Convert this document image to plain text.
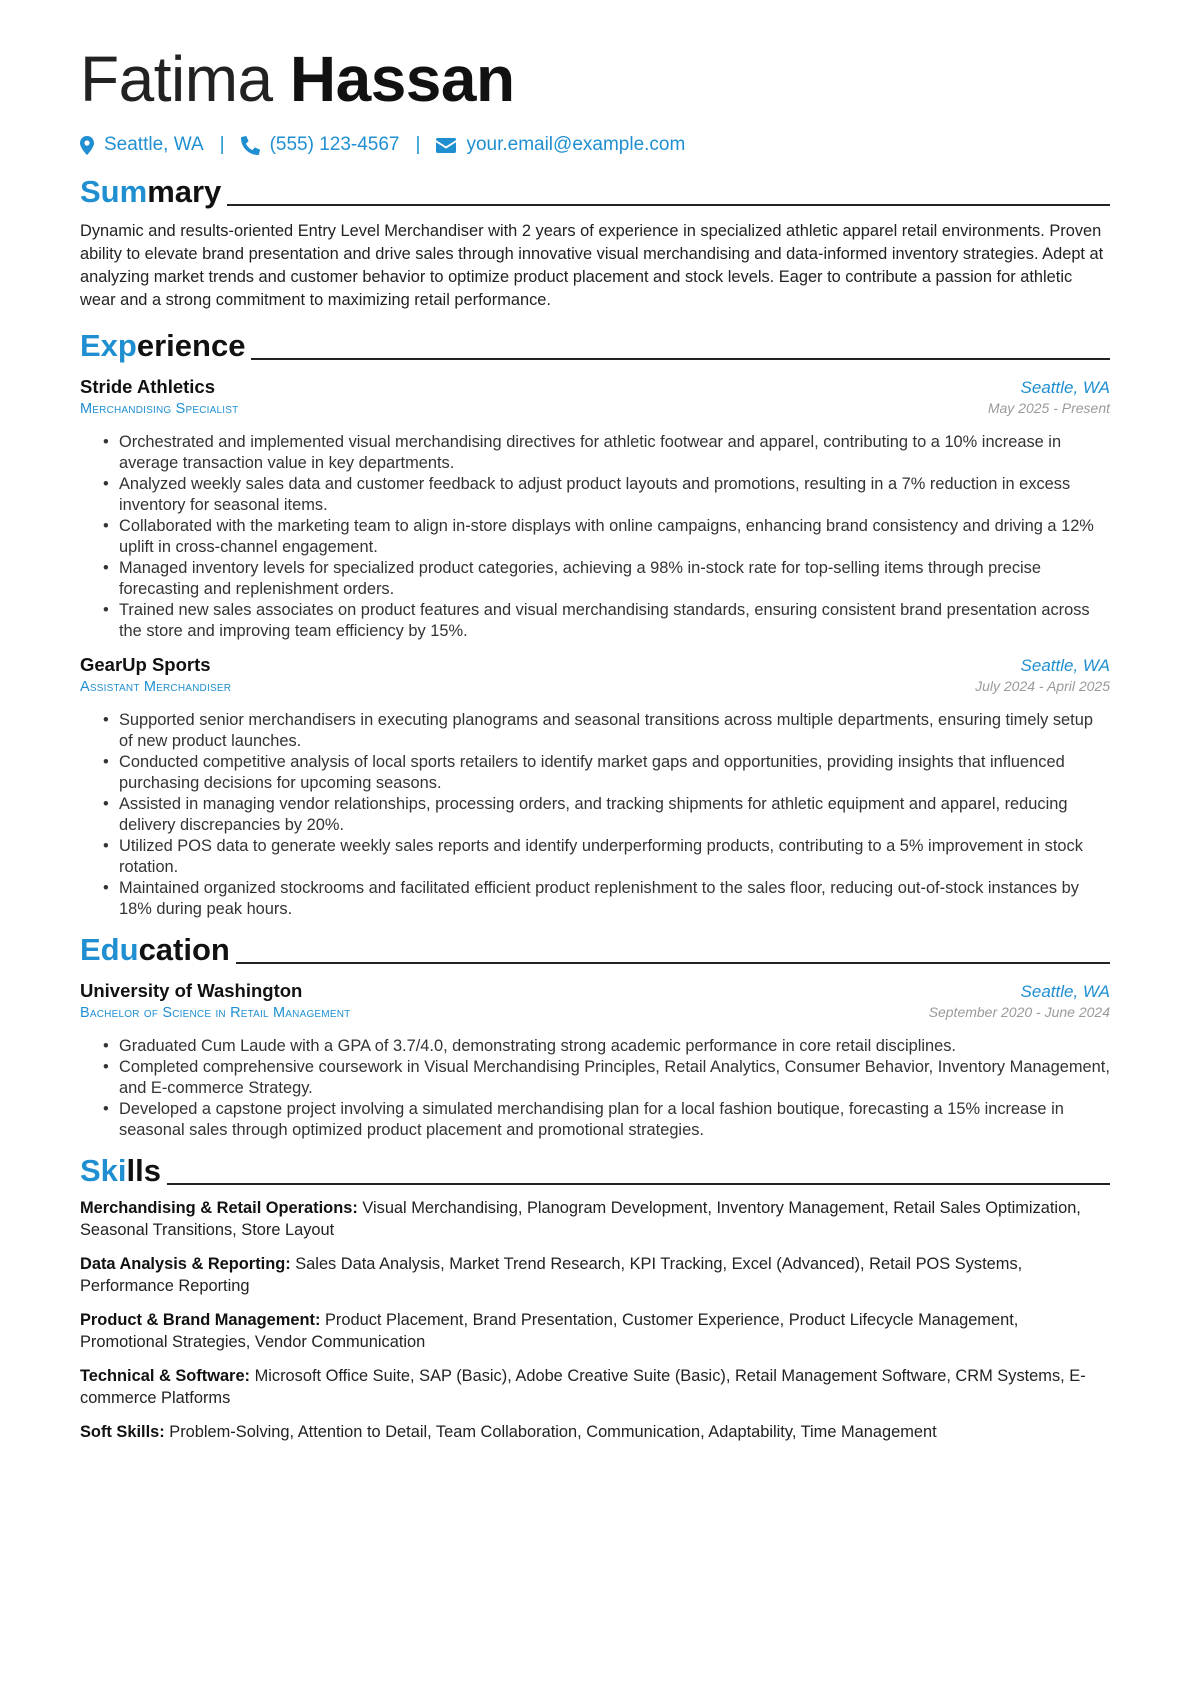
Fatima Hassan
Seattle, WA | (555) 123-4567 | your.email@example.com
Summary
Dynamic and results-oriented Entry Level Merchandiser with 2 years of experience in specialized athletic apparel retail environments. Proven ability to elevate brand presentation and drive sales through innovative visual merchandising and data-informed inventory strategies. Adept at analyzing market trends and customer behavior to optimize product placement and stock levels. Eager to contribute a passion for athletic wear and a strong commitment to maximizing retail performance.
Experience
Stride Athletics	Seattle, WA
Merchandising Specialist	May 2025 - Present
• Orchestrated and implemented visual merchandising directives for athletic footwear and apparel, contributing to a 10% increase in average transaction value in key departments.
• Analyzed weekly sales data and customer feedback to adjust product layouts and promotions, resulting in a 7% reduction in excess inventory for seasonal items.
• Collaborated with the marketing team to align in-store displays with online campaigns, enhancing brand consistency and driving a 12% uplift in cross-channel engagement.
• Managed inventory levels for specialized product categories, achieving a 98% in-stock rate for top-selling items through precise forecasting and replenishment orders.
• Trained new sales associates on product features and visual merchandising standards, ensuring consistent brand presentation across the store and improving team efficiency by 15%.
GearUp Sports	Seattle, WA
Assistant Merchandiser	July 2024 - April 2025
• Supported senior merchandisers in executing planograms and seasonal transitions across multiple departments, ensuring timely setup of new product launches.
• Conducted competitive analysis of local sports retailers to identify market gaps and opportunities, providing insights that influenced purchasing decisions for upcoming seasons.
• Assisted in managing vendor relationships, processing orders, and tracking shipments for athletic equipment and apparel, reducing delivery discrepancies by 20%.
• Utilized POS data to generate weekly sales reports and identify underperforming products, contributing to a 5% improvement in stock rotation.
• Maintained organized stockrooms and facilitated efficient product replenishment to the sales floor, reducing out-of-stock instances by 18% during peak hours.
Education
University of Washington	Seattle, WA
Bachelor of Science in Retail Management	September 2020 - June 2024
• Graduated Cum Laude with a GPA of 3.7/4.0, demonstrating strong academic performance in core retail disciplines.
• Completed comprehensive coursework in Visual Merchandising Principles, Retail Analytics, Consumer Behavior, Inventory Management, and E-commerce Strategy.
• Developed a capstone project involving a simulated merchandising plan for a local fashion boutique, forecasting a 15% increase in seasonal sales through optimized product placement and promotional strategies.
Skills

Merchandising & Retail Operations: Visual Merchandising, Planogram Development, Inventory Management, Retail Sales Optimization, Seasonal Transitions, Store Layout

Data Analysis & Reporting: Sales Data Analysis, Market Trend Research, KPI Tracking, Excel (Advanced), Retail POS Systems, Performance Reporting

Product & Brand Management: Product Placement, Brand Presentation, Customer Experience, Product Lifecycle Management, Promotional Strategies, Vendor Communication

Technical & Software: Microsoft Office Suite, SAP (Basic), Adobe Creative Suite (Basic), Retail Management Software, CRM Systems, E-commerce Platforms

Soft Skills: Problem-Solving, Attention to Detail, Team Collaboration, Communication, Adaptability, Time Management
